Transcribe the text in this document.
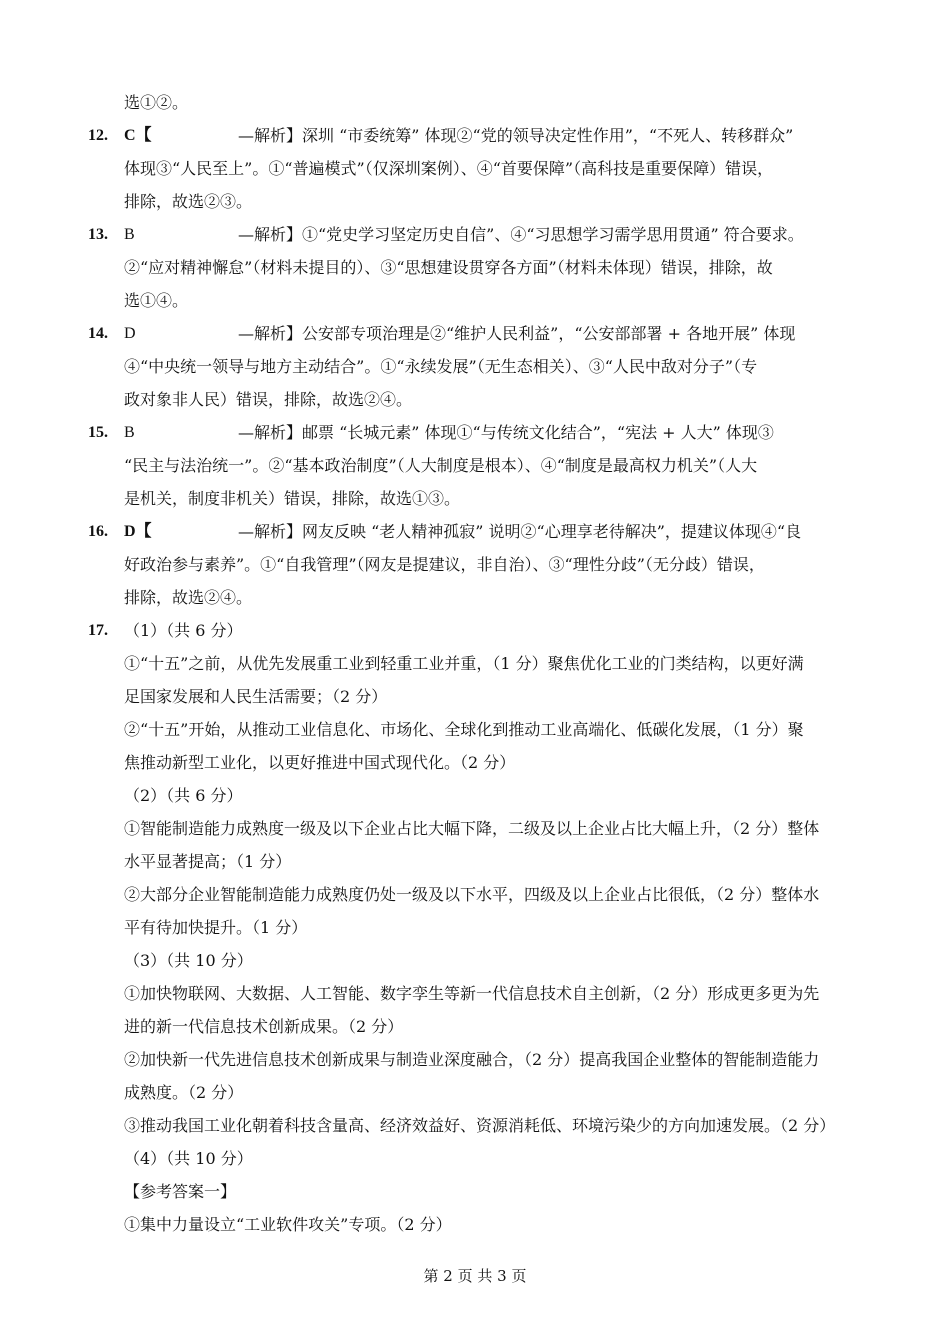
选①②。
12. C【	—解析】深圳 “市委统筹” 体现②“党的领导决定性作用”，“不死人、转移群众”
体现③“人民至上”。①“普遍模式”（仅深圳案例）、④“首要保障”（高科技是重要保障）错误，
排除，故选②③。
13. B	—解析】①“党史学习坚定历史自信”、④“习思想学习需学思用贯通” 符合要求。
②“应对精神懈怠”（材料未提目的）、③“思想建设贯穿各方面”（材料未体现）错误，排除，故
选①④。
14. D	—解析】公安部专项治理是②“维护人民利益”，“公安部部署 + 各地开展” 体现
④“中央统一领导与地方主动结合”。①“永续发展”（无生态相关）、③“人民中敌对分子”（专
政对象非人民）错误，排除，故选②④。
15. B	—解析】邮票 “长城元素” 体现①“与传统文化结合”，“宪法 + 人大” 体现③
“民主与法治统一”。②“基本政治制度”（人大制度是根本）、④“制度是最高权力机关”（人大
是机关，制度非机关）错误，排除，故选①③。
16. D【	—解析】网友反映 “老人精神孤寂” 说明②“心理享老待解决”，提建议体现④“良
好政治参与素养”。①“自我管理”（网友是提建议，非自治）、③“理性分歧”（无分歧）错误，
排除，故选②④。
17. （1）（共 6 分）
①“十五”之前，从优先发展重工业到轻重工业并重，（1 分）聚焦优化工业的门类结构，以更好满
足国家发展和人民生活需要；（2 分）
②“十五”开始，从推动工业信息化、市场化、全球化到推动工业高端化、低碳化发展，（1 分）聚
焦推动新型工业化，以更好推进中国式现代化。（2 分）
（2）（共 6 分）
①智能制造能力成熟度一级及以下企业占比大幅下降，二级及以上企业占比大幅上升，（2 分）整体
水平显著提高；（1 分）
②大部分企业智能制造能力成熟度仍处一级及以下水平，四级及以上企业占比很低，（2 分）整体水
平有待加快提升。（1 分）
（3）（共 10 分）
①加快物联网、大数据、人工智能、数字孪生等新一代信息技术自主创新，（2 分）形成更多更为先
进的新一代信息技术创新成果。（2 分）
②加快新一代先进信息技术创新成果与制造业深度融合，（2 分）提高我国企业整体的智能制造能力
成熟度。（2 分）
③推动我国工业化朝着科技含量高、经济效益好、资源消耗低、环境污染少的方向加速发展。（2 分）
（4）（共 10 分）
【参考答案一】
①集中力量设立“工业软件攻关”专项。（2 分）
第 2 页 共 3 页
